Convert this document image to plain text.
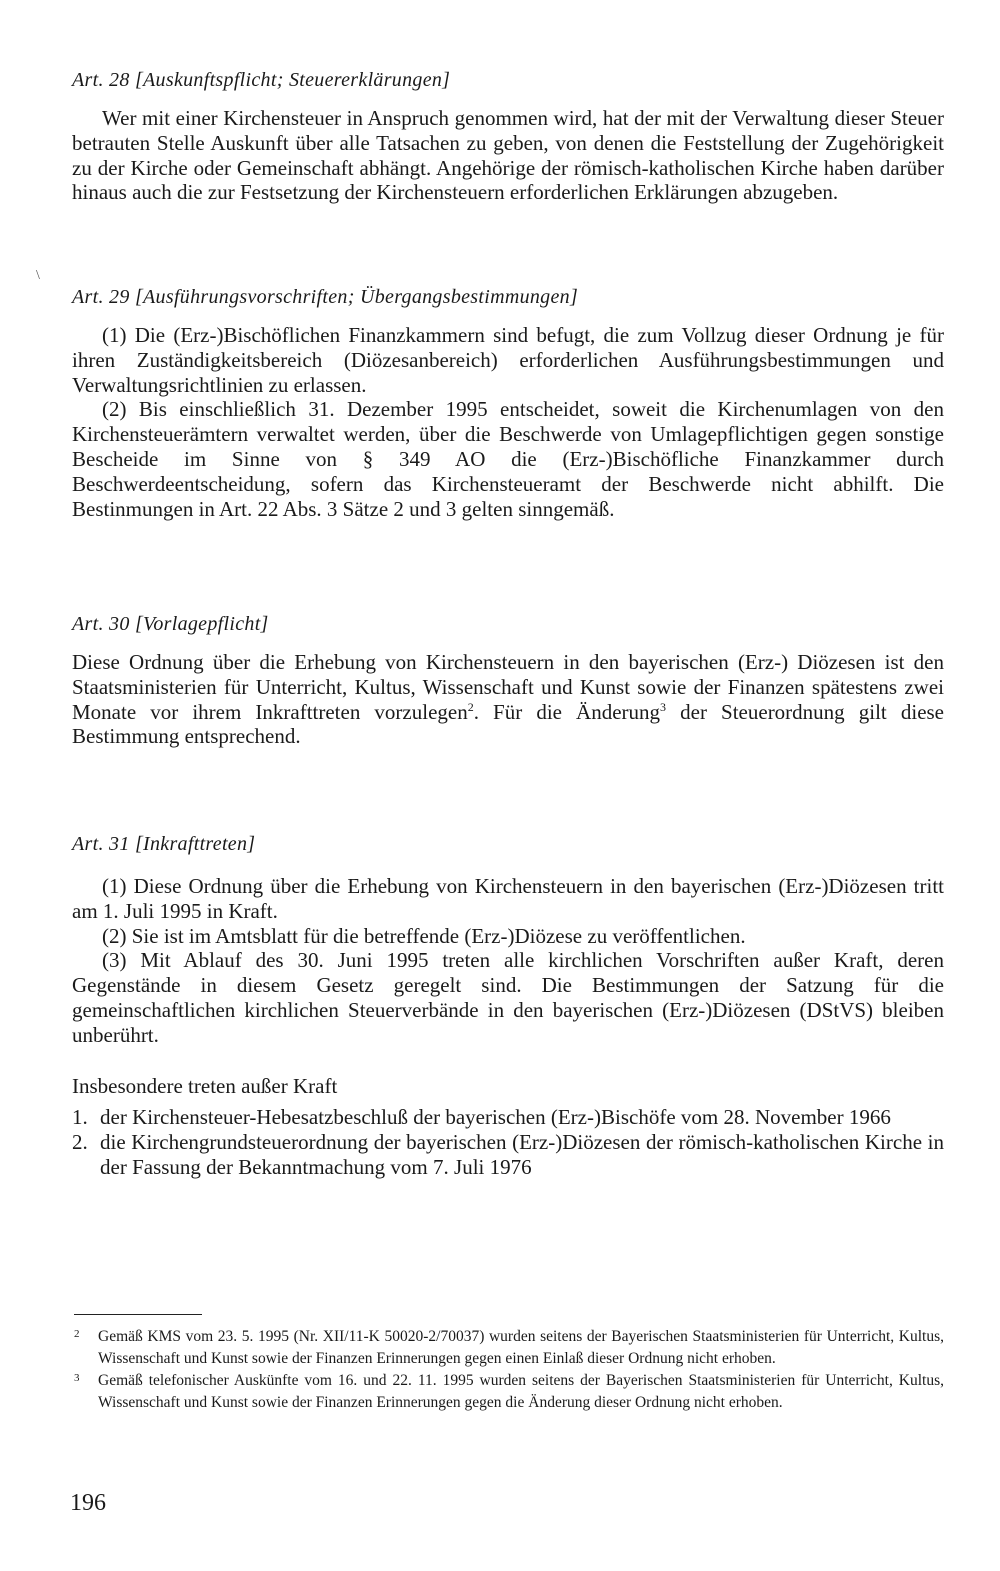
\

Art. 28 [Auskunftspflicht; Steuererklärungen]

Wer mit einer Kirchensteuer in Anspruch genommen wird, hat der mit der Verwaltung dieser Steuer betrauten Stelle Auskunft über alle Tatsachen zu geben, von denen die Feststellung der Zugehörigkeit zu der Kirche oder Gemeinschaft abhängt. Angehörige der römisch-katholischen Kirche haben darüber hinaus auch die zur Festsetzung der Kirchensteuern erforderlichen Erklärungen abzugeben.

Art. 29 [Ausführungsvorschriften; Übergangsbestimmungen]

(1) Die (Erz-)Bischöflichen Finanzkammern sind befugt, die zum Vollzug dieser Ordnung je für ihren Zuständigkeitsbereich (Diözesanbereich) erforderlichen Ausführungsbestimmungen und Verwaltungsrichtlinien zu erlassen.

(2) Bis einschließlich 31. Dezember 1995 entscheidet, soweit die Kirchenumlagen von den Kirchensteuerämtern verwaltet werden, über die Beschwerde von Umlagepflichtigen gegen sonstige Bescheide im Sinne von § 349 AO die (Erz-)Bischöfliche Finanzkammer durch Beschwerdeentscheidung, sofern das Kirchensteueramt der Beschwerde nicht abhilft. Die Bestinmungen in Art. 22 Abs. 3 Sätze 2 und 3 gelten sinngemäß.

Art. 30 [Vorlagepflicht]

Diese Ordnung über die Erhebung von Kirchensteuern in den bayerischen (Erz-) Diözesen ist den Staatsministerien für Unterricht, Kultus, Wissenschaft und Kunst sowie der Finanzen spätestens zwei Monate vor ihrem Inkrafttreten vorzulegen$^2$. Für die Änderung$^3$ der Steuerordnung gilt diese Bestimmung entsprechend.

Art. 31 [Inkrafttreten]

(1) Diese Ordnung über die Erhebung von Kirchensteuern in den bayerischen (Erz-)Diözesen tritt am 1. Juli 1995 in Kraft.

(2) Sie ist im Amtsblatt für die betreffende (Erz-)Diözese zu veröffentlichen.

(3) Mit Ablauf des 30. Juni 1995 treten alle kirchlichen Vorschriften außer Kraft, deren Gegenstände in diesem Gesetz geregelt sind. Die Bestimmungen der Satzung für die gemeinschaftlichen kirchlichen Steuerverbände in den bayerischen (Erz-)Diözesen (DStVS) bleiben unberührt.

Insbesondere treten außer Kraft

1. der Kirchensteuer-Hebesatzbeschluß der bayerischen (Erz-)Bischöfe vom 28. November 1966
2. die Kirchengrundsteuerordnung der bayerischen (Erz-)Diözesen der römisch-katholischen Kirche in der Fassung der Bekanntmachung vom 7. Juli 1976

2 Gemäß KMS vom 23. 5. 1995 (Nr. XII/11-K 50020-2/70037) wurden seitens der Bayerischen Staatsministerien für Unterricht, Kultus, Wissenschaft und Kunst sowie der Finanzen Erinnerungen gegen einen Einlaß dieser Ordnung nicht erhoben.

3 Gemäß telefonischer Auskünfte vom 16. und 22. 11. 1995 wurden seitens der Bayerischen Staatsministerien für Unterricht, Kultus, Wissenschaft und Kunst sowie der Finanzen Erinnerungen gegen die Änderung dieser Ordnung nicht erhoben.

196
